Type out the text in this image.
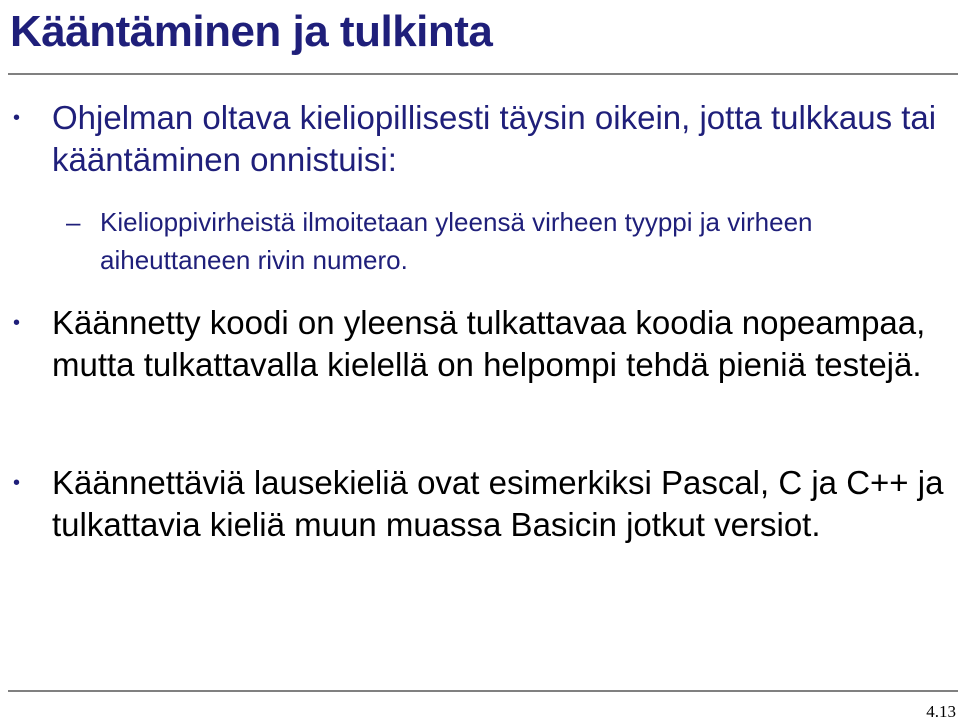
Kääntäminen ja tulkinta

• Ohjelman oltava kieliopillisesti täysin oikein, jotta tulkkaus tai kääntäminen onnistuisi:

– Kielioppivirheistä ilmoitetaan yleensä virheen tyyppi ja virheen aiheuttaneen rivin numero.

• Käännetty koodi on yleensä tulkattavaa koodia nopeampaa, mutta tulkattavalla kielellä on helpompi tehdä pieniä testejä.

• Käännettäviä lausekieliä ovat esimerkiksi Pascal, C ja C++ ja tulkattavia kieliä muun muassa Basicin jotkut versiot.

4.13
